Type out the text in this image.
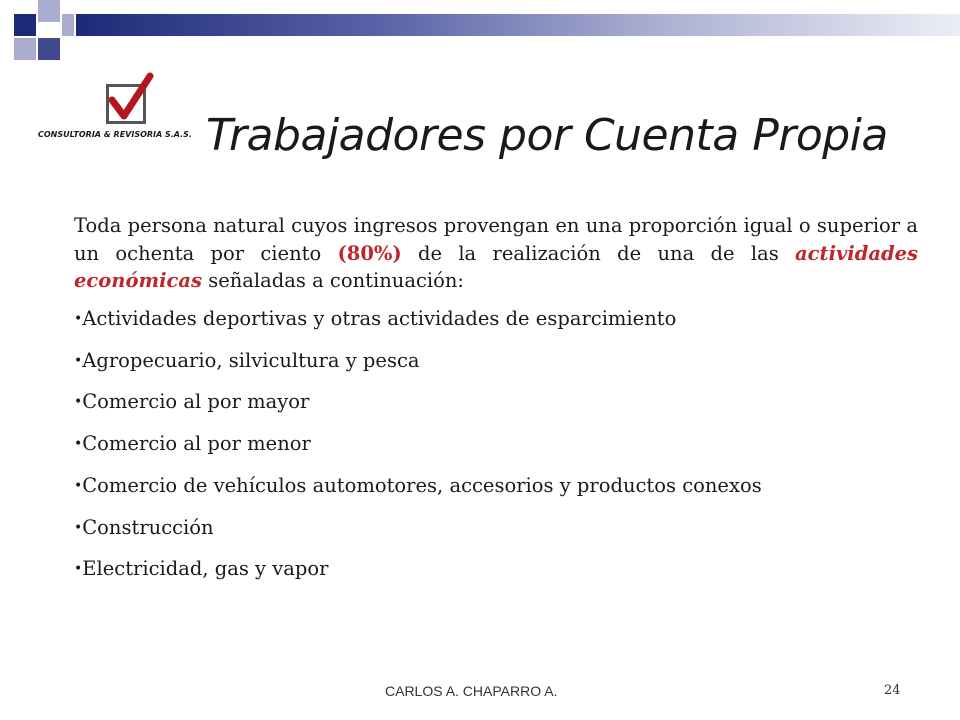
CONSULTORIA & REVISORIA S.A.S. Trabajadores por Cuenta Propia

Toda persona natural cuyos ingresos provengan en una proporción igual o superior a un ochenta por ciento (80%) de la realización de una de las actividades económicas señaladas a continuación:

•Actividades deportivas y otras actividades de esparcimiento
•Agropecuario, silvicultura y pesca
•Comercio al por mayor
•Comercio al por menor
•Comercio de vehículos automotores, accesorios y productos conexos
•Construcción
•Electricidad, gas y vapor
CARLOS A. CHAPARRO A.	24
